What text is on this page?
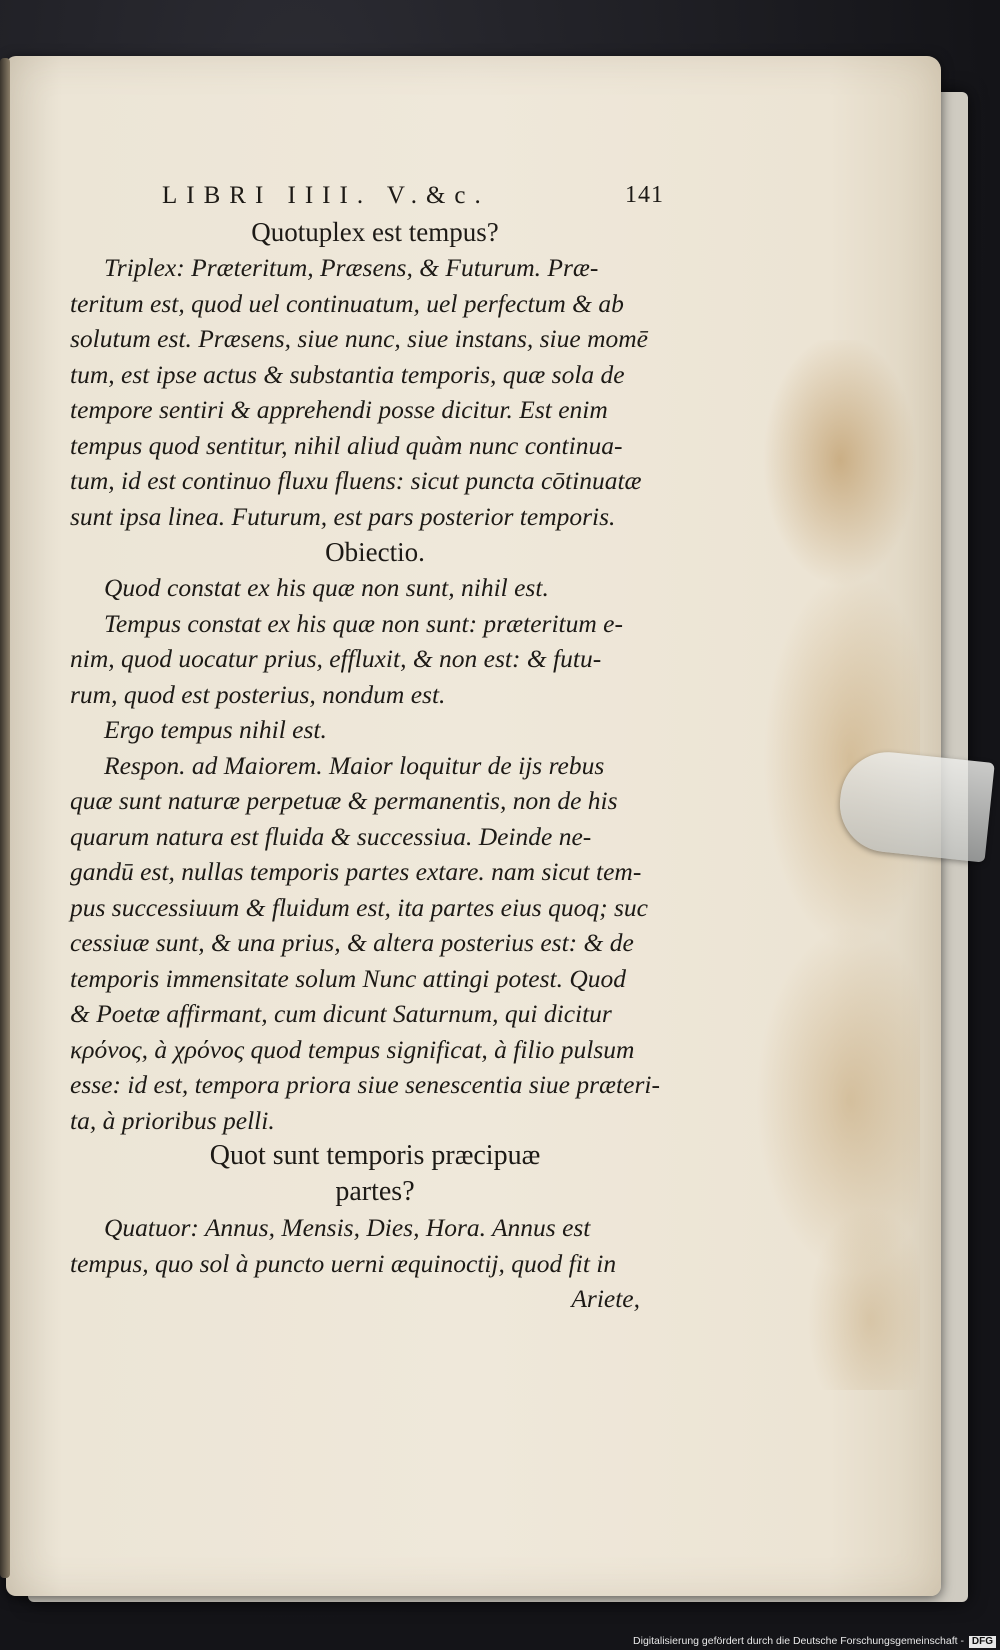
LIBRI IIII. V.&c.	141
Quotuplex est tempus?
Triplex: Præteritum, Præsens, & Futurum. Præ-
teritum est, quod uel continuatum, uel perfectum & ab
solutum est. Præsens, siue nunc, siue instans, siue momē
tum, est ipse actus & substantia temporis, quæ sola de
tempore sentiri & apprehendi posse dicitur. Est enim
tempus quod sentitur, nihil aliud quàm nunc continua-
tum, id est continuo fluxu fluens: sicut puncta cōtinuatæ
sunt ipsa linea. Futurum, est pars posterior temporis.
Obiectio.
Quod constat ex his quæ non sunt, nihil est.
Tempus constat ex his quæ non sunt: præteritum e-
nim, quod uocatur prius, effluxit, & non est: & futu-
rum, quod est posterius, nondum est.
Ergo tempus nihil est.
Respon. ad Maiorem. Maior loquitur de ijs rebus
quæ sunt naturæ perpetuæ & permanentis, non de his
quarum natura est fluida & successiua. Deinde ne-
gandū est, nullas temporis partes extare. nam sicut tem-
pus successiuum & fluidum est, ita partes eius quoq; suc
cessiuæ sunt, & una prius, & altera posterius est: & de
temporis immensitate solum Nunc attingi potest. Quod
& Poetæ affirmant, cum dicunt Saturnum, qui dicitur
κρόνος, à χρόνος quod tempus significat, à filio pulsum
esse: id est, tempora priora siue senescentia siue præteri-
ta, à prioribus pelli.
Quot sunt temporis præcipuæ
partes?
Quatuor: Annus, Mensis, Dies, Hora. Annus est
tempus, quo sol à puncto uerni æquinoctij, quod fit in
Ariete,
Digitalisierung gefördert durch die Deutsche Forschungsgemeinschaft - DFG
